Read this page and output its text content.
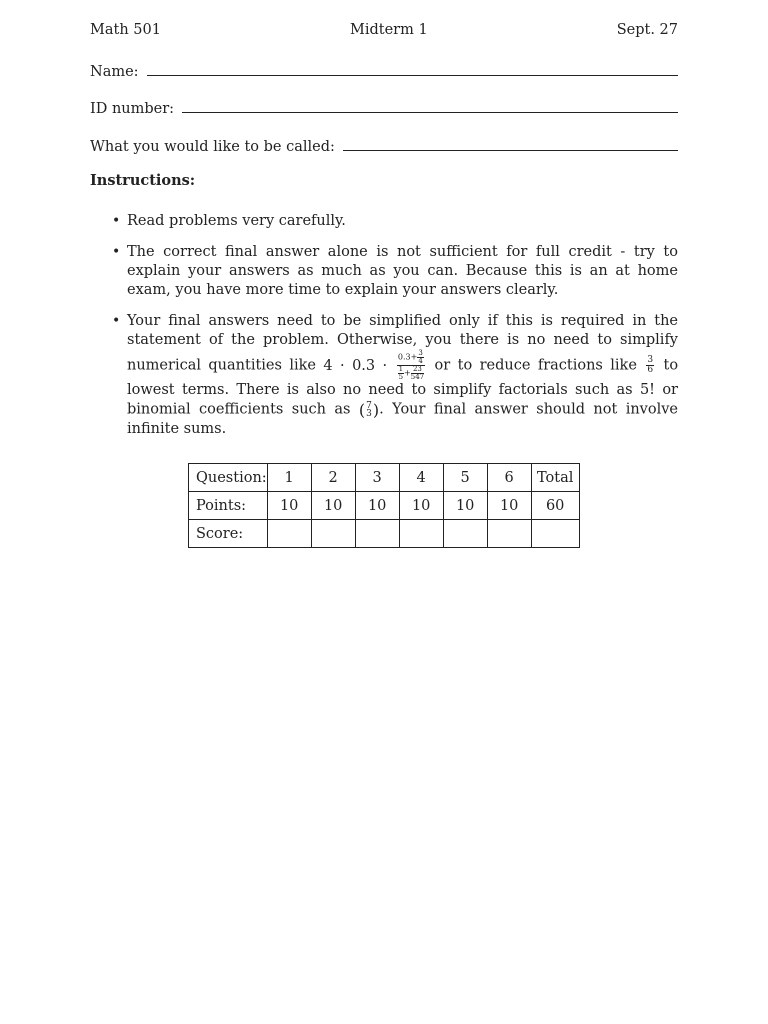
Math 501	Midterm 1	Sept. 27
Name:
ID number:
What you would like to be called:
Instructions:
• Read problems very carefully.
• The correct final answer alone is not sufficient for full credit - try to explain your answers as much as you can. Because this is an at home exam, you have more time to explain your answers clearly.
• Your final answers need to be simplified only if this is required in the statement of the problem. Otherwise, you there is no need to simplify numerical quantities like $4 \cdot 0.3 \cdot \frac{0.3+ \frac{3}{4}}{\frac{1}{5}+ \frac{23}{547}}$ or to reduce fractions like $\frac{3}{6}$ to lowest terms. There is also no need to simplify factorials such as 5! or binomial coefficients such as ( 7
3 ). Your final answer should not involve infinite sums.
Question:	1	2	3	4	5	6	Total
Points:	10	10	10	10	10	10	60
Score:							
